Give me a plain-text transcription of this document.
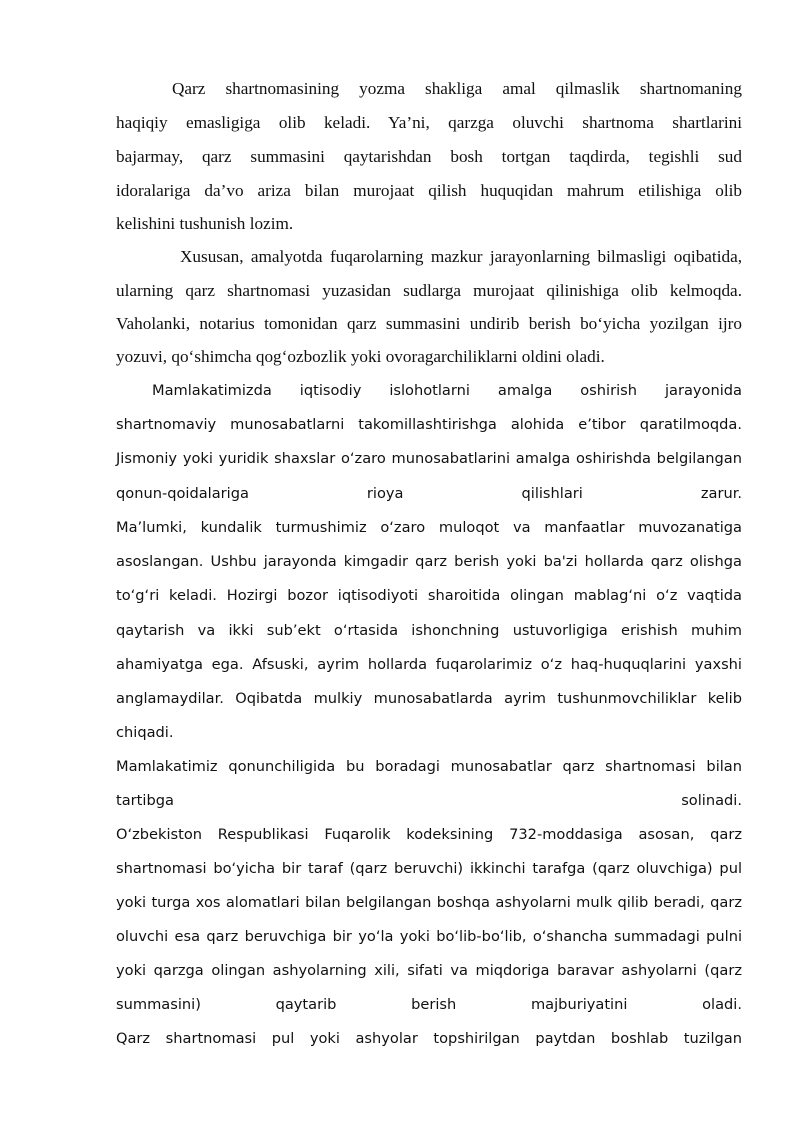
Qarz shartnomasining yozma shakliga amal qilmaslik shartnomaning
haqiqiy emasligiga olib keladi. Ya’ni, qarzga oluvchi shartnoma shartlarini
bajarmay, qarz summasini qaytarishdan bosh tortgan taqdirda, tegishli sud
idoralariga da’vo ariza bilan murojaat qilish huquqidan mahrum etilishiga olib
kelishini tushunish lozim.
Xususan, amalyotda fuqarolarning mazkur jarayonlarning bilmasligi oqibatida,
ularning qarz shartnomasi yuzasidan sudlarga murojaat qilinishiga olib kelmoqda.
Vaholanki, notarius tomonidan qarz summasini undirib berish bo‘yicha yozilgan ijro
yozuvi, qo‘shimcha qog‘ozbozlik yoki ovoragarchiliklarni oldini oladi.
Mamlakatimizda iqtisodiy islohotlarni amalga oshirish jarayonida
shartnomaviy munosabatlarni takomillashtirishga alohida e’tibor qaratilmoqda.
Jismoniy yoki yuridik shaxslar o‘zaro munosabatlarini amalga oshirishda belgilangan
qonun-qoidalariga rioya qilishlari zarur.
Ma’lumki, kundalik turmushimiz o‘zaro muloqot va manfaatlar muvozanatiga
asoslangan. Ushbu jarayonda kimgadir qarz berish yoki ba'zi hollarda qarz olishga
to‘g‘ri keladi. Hozirgi bozor iqtisodiyoti sharoitida olingan mablag‘ni o‘z vaqtida
qaytarish va ikki sub’ekt o‘rtasida ishonchning ustuvorligiga erishish muhim
ahamiyatga ega. Afsuski, ayrim hollarda fuqarolarimiz o‘z haq-huquqlarini yaxshi
anglamaydilar. Oqibatda mulkiy munosabatlarda ayrim tushunmovchiliklar kelib
chiqadi.
Mamlakatimiz qonunchiligida bu boradagi munosabatlar qarz shartnomasi bilan
tartibga solinadi.
O‘zbekiston Respublikasi Fuqarolik kodeksining 732-moddasiga asosan, qarz
shartnomasi bo‘yicha bir taraf (qarz beruvchi) ikkinchi tarafga (qarz oluvchiga) pul
yoki turga xos alomatlari bilan belgilangan boshqa ashyolarni mulk qilib beradi, qarz
oluvchi esa qarz beruvchiga bir yo‘la yoki bo‘lib-bo‘lib, o‘shancha summadagi pulni
yoki qarzga olingan ashyolarning xili, sifati va miqdoriga baravar ashyolarni (qarz
summasini) qaytarib berish majburiyatini oladi.
Qarz shartnomasi pul yoki ashyolar topshirilgan paytdan boshlab tuzilgan
